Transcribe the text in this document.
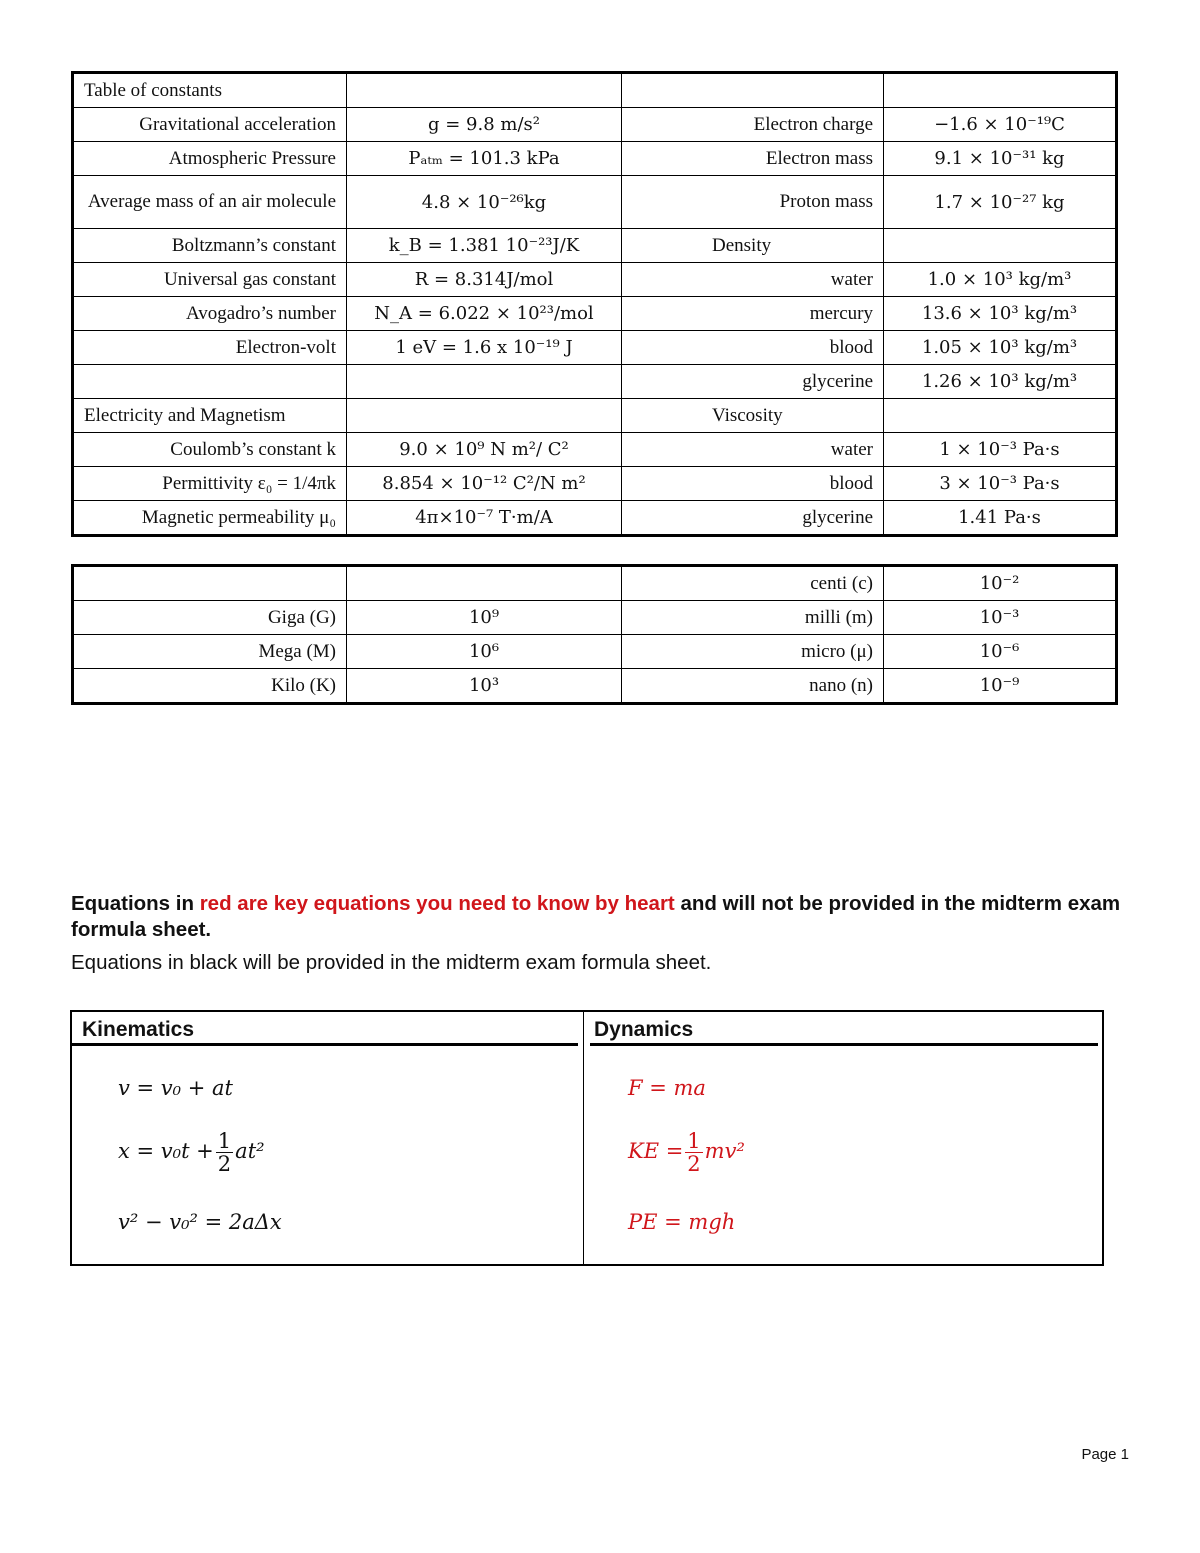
Table of constants			
Gravitational acceleration	g = 9.8 m/s²	Electron charge	−1.6 × 10⁻¹⁹C
Atmospheric Pressure	Pₐₜₘ = 101.3 kPa	Electron mass	9.1 × 10⁻³¹ kg
Average mass of an air molecule	4.8 × 10⁻²⁶kg	Proton mass	1.7 × 10⁻²⁷ kg
Boltzmann’s constant	k_B = 1.381 10⁻²³J/K	Density	
Universal gas constant	R = 8.314J/mol	water	1.0 × 10³ kg/m³
Avogadro’s number	N_A = 6.022 × 10²³/mol	mercury	13.6 × 10³ kg/m³
Electron-volt	1 eV = 1.6 x 10⁻¹⁹ J	blood	1.05 × 10³ kg/m³
		glycerine	1.26 × 10³ kg/m³
Electricity and Magnetism		Viscosity	
Coulomb’s constant k	9.0 × 10⁹ N m²/ C²	water	1 × 10⁻³ Pa·s
Permittivity ε₀ = 1/4πk	8.854 × 10⁻¹² C²/N m²	blood	3 × 10⁻³ Pa·s
Magnetic permeability μ₀	4π×10⁻⁷ T·m/A	glycerine	1.41 Pa·s
		centi (c)	10⁻²
Giga (G)	10⁹	milli (m)	10⁻³
Mega (M)	10⁶	micro (μ)	10⁻⁶
Kilo (K)	10³	nano (n)	10⁻⁹
Equations in red are key equations you need to know by heart and will not be provided in the midterm exam formula sheet.
Equations in black will be provided in the midterm exam formula sheet.
Kinematics	Dynamics
v = v₀ + at
$x = v_0t + \frac{1}{2} at^2$
v² − v₀² = 2aΔx
F = ma
KE = $\frac{1}{2} mv^2$
PE = mgh
Page 1
